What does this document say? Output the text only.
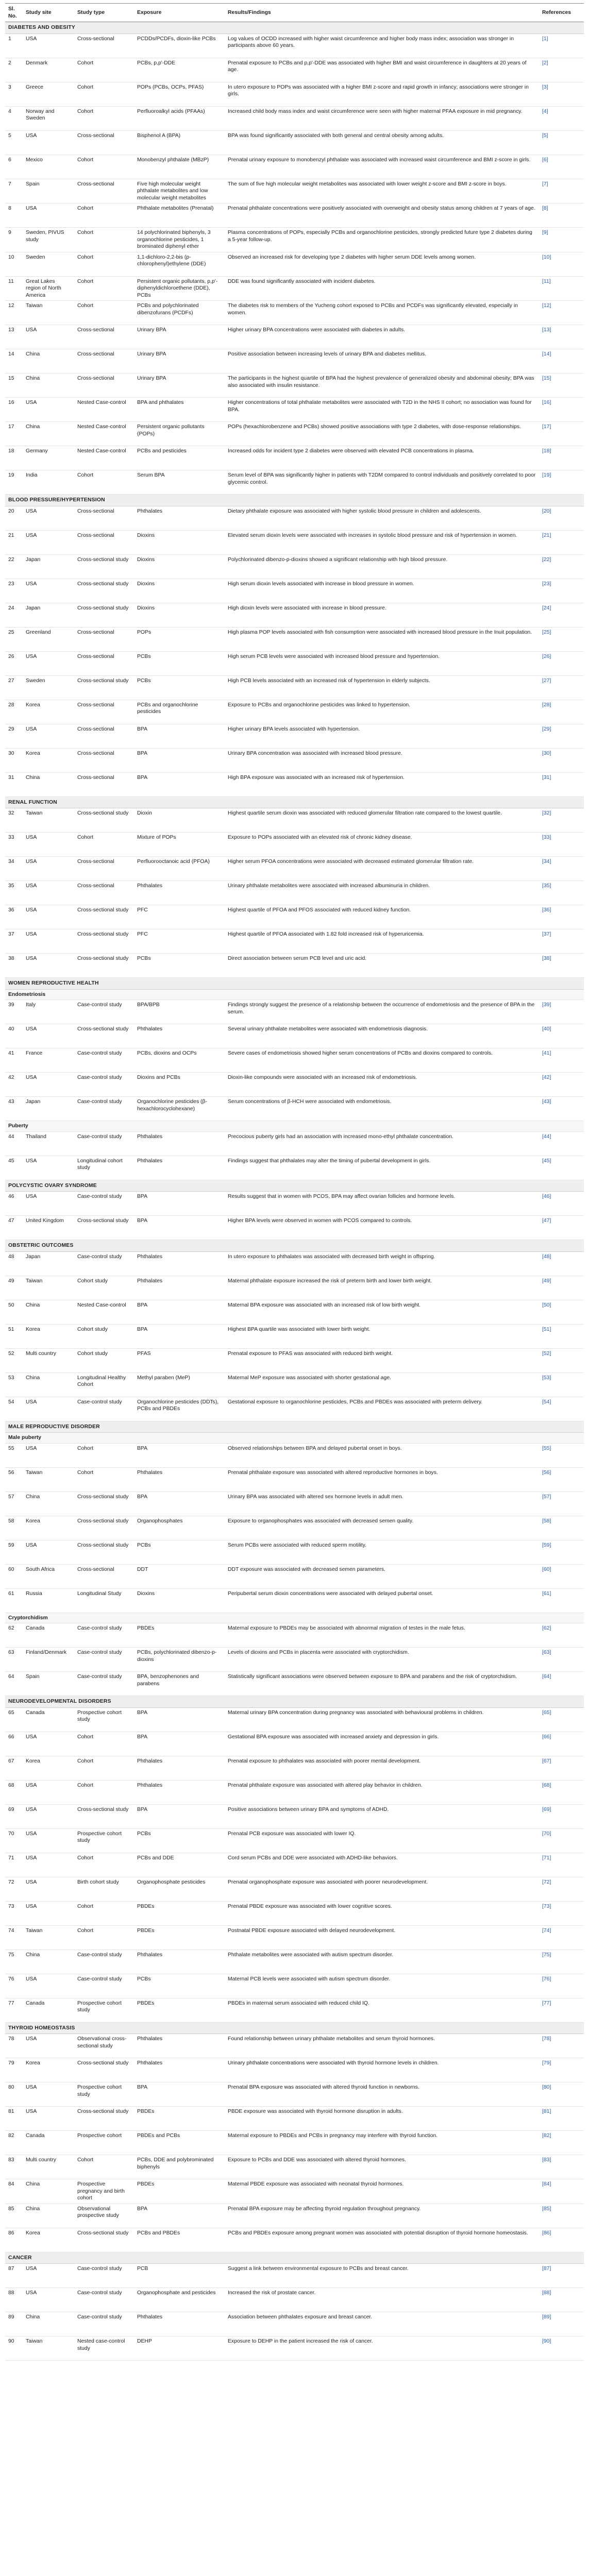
Sl. No.	Study site	Study type	Exposure	Results/Findings	References
DIABETES AND OBESITY					
1	USA	Cross-sectional	PCDDs/PCDFs, dioxin-like PCBs	Log values of OCDD increased with higher waist circumference and higher body mass index; association was stronger in participants above 60 years.	[1]
2	Denmark	Cohort	PCBs, p,p'-DDE	Prenatal exposure to PCBs and p,p'-DDE was associated with higher BMI and waist circumference in daughters at 20 years of age.	[2]
3	Greece	Cohort	POPs (PCBs, OCPs, PFAS)	In utero exposure to POPs was associated with a higher BMI z-score and rapid growth in infancy; associations were stronger in girls.	[3]
4	Norway and Sweden	Cohort	Perfluoroalkyl acids (PFAAs)	Increased child body mass index and waist circumference were seen with higher maternal PFAA exposure in mid pregnancy.	[4]
5	USA	Cross-sectional	Bisphenol A (BPA)	BPA was found significantly associated with both general and central obesity among adults.	[5]
6	Mexico	Cohort	Monobenzyl phthalate (MBzP)	Prenatal urinary exposure to monobenzyl phthalate was associated with increased waist circumference and BMI z-score in girls.	[6]
7	Spain	Cross-sectional	Five high molecular weight phthalate metabolites and low molecular weight metabolites	The sum of five high molecular weight metabolites was associated with lower weight z-score and BMI z-score in boys.	[7]
8	USA	Cohort	Phthalate metabolites (Prenatal)	Prenatal phthalate concentrations were positively associated with overweight and obesity status among children at 7 years of age.	[8]
9	Sweden, PIVUS study	Cohort	14 polychlorinated biphenyls, 3 organochlorine pesticides, 1 brominated diphenyl ether	Plasma concentrations of POPs, especially PCBs and organochlorine pesticides, strongly predicted future type 2 diabetes during a 5-year follow-up.	[9]
10	Sweden	Cohort	1,1-dichloro-2,2-bis (p-chlorophenyl)ethylene (DDE)	Observed an increased risk for developing type 2 diabetes with higher serum DDE levels among women.	[10]
11	Great Lakes region of North America	Cohort	Persistent organic pollutants, p,p'-diphenyldichloroethene (DDE), PCBs	DDE was found significantly associated with incident diabetes.	[11]
12	Taiwan	Cohort	PCBs and polychlorinated dibenzofurans (PCDFs)	The diabetes risk to members of the Yucheng cohort exposed to PCBs and PCDFs was significantly elevated, especially in women.	[12]
13	USA	Cross-sectional	Urinary BPA	Higher urinary BPA concentrations were associated with diabetes in adults.	[13]
14	China	Cross-sectional	Urinary BPA	Positive association between increasing levels of urinary BPA and diabetes mellitus.	[14]
15	China	Cross-sectional	Urinary BPA	The participants in the highest quartile of BPA had the highest prevalence of generalized obesity and abdominal obesity; BPA was also associated with insulin resistance.	[15]
16	USA	Nested Case-control	BPA and phthalates	Higher concentrations of total phthalate metabolites were associated with T2D in the NHS II cohort; no association was found for BPA.	[16]
17	China	Nested Case-control	Persistent organic pollutants (POPs)	POPs (hexachlorobenzene and PCBs) showed positive associations with type 2 diabetes, with dose-response relationships.	[17]
18	Germany	Nested Case-control	PCBs and pesticides	Increased odds for incident type 2 diabetes were observed with elevated PCB concentrations in plasma.	[18]
19	India	Cohort	Serum BPA	Serum level of BPA was significantly higher in patients with T2DM compared to control individuals and positively correlated to poor glycemic control.	[19]
BLOOD PRESSURE/HYPERTENSION					
20	USA	Cross-sectional	Phthalates	Dietary phthalate exposure was associated with higher systolic blood pressure in children and adolescents.	[20]
21	USA	Cross-sectional	Dioxins	Elevated serum dioxin levels were associated with increases in systolic blood pressure and risk of hypertension in women.	[21]
22	Japan	Cross-sectional study	Dioxins	Polychlorinated dibenzo-p-dioxins showed a significant relationship with high blood pressure.	[22]
23	USA	Cross-sectional study	Dioxins	High serum dioxin levels associated with increase in blood pressure in women.	[23]
24	Japan	Cross-sectional study	Dioxins	High dioxin levels were associated with increase in blood pressure.	[24]
25	Greenland	Cross-sectional	POPs	High plasma POP levels associated with fish consumption were associated with increased blood pressure in the Inuit population.	[25]
26	USA	Cross-sectional	PCBs	High serum PCB levels were associated with increased blood pressure and hypertension.	[26]
27	Sweden	Cross-sectional study	PCBs	High PCB levels associated with an increased risk of hypertension in elderly subjects.	[27]
28	Korea	Cross-sectional	PCBs and organochlorine pesticides	Exposure to PCBs and organochlorine pesticides was linked to hypertension.	[28]
29	USA	Cross-sectional	BPA	Higher urinary BPA levels associated with hypertension.	[29]
30	Korea	Cross-sectional	BPA	Urinary BPA concentration was associated with increased blood pressure.	[30]
31	China	Cross-sectional	BPA	High BPA exposure was associated with an increased risk of hypertension.	[31]
RENAL FUNCTION					
32	Taiwan	Cross-sectional study	Dioxin	Highest quartile serum dioxin was associated with reduced glomerular filtration rate compared to the lowest quartile.	[32]
33	USA	Cohort	Mixture of POPs	Exposure to POPs associated with an elevated risk of chronic kidney disease.	[33]
34	USA	Cross-sectional	Perfluorooctanoic acid (PFOA)	Higher serum PFOA concentrations were associated with decreased estimated glomerular filtration rate.	[34]
35	USA	Cross-sectional	Phthalates	Urinary phthalate metabolites were associated with increased albuminuria in children.	[35]
36	USA	Cross-sectional study	PFC	Highest quartile of PFOA and PFOS associated with reduced kidney function.	[36]
37	USA	Cross-sectional study	PFC	Highest quartile of PFOA associated with 1.82 fold increased risk of hyperuricemia.	[37]
38	USA	Cross-sectional study	PCBs	Direct association between serum PCB level and uric acid.	[38]
WOMEN REPRODUCTIVE HEALTH					
Endometriosis					
39	Italy	Case-control study	BPA/BPB	Findings strongly suggest the presence of a relationship between the occurrence of endometriosis and the presence of BPA in the serum.	[39]
40	USA	Cross-sectional study	Phthalates	Several urinary phthalate metabolites were associated with endometriosis diagnosis.	[40]
41	France	Case-control study	PCBs, dioxins and OCPs	Severe cases of endometriosis showed higher serum concentrations of PCBs and dioxins compared to controls.	[41]
42	USA	Case-control study	Dioxins and PCBs	Dioxin-like compounds were associated with an increased risk of endometriosis.	[42]
43	Japan	Case-control study	Organochlorine pesticides (β-hexachlorocyclohexane)	Serum concentrations of β-HCH were associated with endometriosis.	[43]
Puberty					
44	Thailand	Case-control study	Phthalates	Precocious puberty girls had an association with increased mono-ethyl phthalate concentration.	[44]
45	USA	Longitudinal cohort study	Phthalates	Findings suggest that phthalates may alter the timing of pubertal development in girls.	[45]
POLYCYSTIC OVARY SYNDROME					
46	USA	Case-control study	BPA	Results suggest that in women with PCOS, BPA may affect ovarian follicles and hormone levels.	[46]
47	United Kingdom	Cross-sectional study	BPA	Higher BPA levels were observed in women with PCOS compared to controls.	[47]
OBSTETRIC OUTCOMES					
48	Japan	Case-control study	Phthalates	In utero exposure to phthalates was associated with decreased birth weight in offspring.	[48]
49	Taiwan	Cohort study	Phthalates	Maternal phthalate exposure increased the risk of preterm birth and lower birth weight.	[49]
50	China	Nested Case-control	BPA	Maternal BPA exposure was associated with an increased risk of low birth weight.	[50]
51	Korea	Cohort study	BPA	Highest BPA quartile was associated with lower birth weight.	[51]
52	Multi country	Cohort study	PFAS	Prenatal exposure to PFAS was associated with reduced birth weight.	[52]
53	China	Longitudinal Healthy Cohort	Methyl paraben (MeP)	Maternal MeP exposure was associated with shorter gestational age.	[53]
54	USA	Case-control study	Organochlorine pesticides (DDTs), PCBs and PBDEs	Gestational exposure to organochlorine pesticides, PCBs and PBDEs was associated with preterm delivery.	[54]
MALE REPRODUCTIVE DISORDER					
Male puberty					
55	USA	Cohort	BPA	Observed relationships between BPA and delayed pubertal onset in boys.	[55]
56	Taiwan	Cohort	Phthalates	Prenatal phthalate exposure was associated with altered reproductive hormones in boys.	[56]
57	China	Cross-sectional study	BPA	Urinary BPA was associated with altered sex hormone levels in adult men.	[57]
58	Korea	Cross-sectional study	Organophosphates	Exposure to organophosphates was associated with decreased semen quality.	[58]
59	USA	Cross-sectional study	PCBs	Serum PCBs were associated with reduced sperm motility.	[59]
60	South Africa	Cross-sectional	DDT	DDT exposure was associated with decreased semen parameters.	[60]
61	Russia	Longitudinal Study	Dioxins	Peripubertal serum dioxin concentrations were associated with delayed pubertal onset.	[61]
Cryptorchidism					
62	Canada	Case-control study	PBDEs	Maternal exposure to PBDEs may be associated with abnormal migration of testes in the male fetus.	[62]
63	Finland/Denmark	Case-control study	PCBs, polychlorinated dibenzo-p-dioxins	Levels of dioxins and PCBs in placenta were associated with cryptorchidism.	[63]
64	Spain	Case-control study	BPA, benzophenones and parabens	Statistically significant associations were observed between exposure to BPA and parabens and the risk of cryptorchidism.	[64]
NEURODEVELOPMENTAL DISORDERS					
65	Canada	Prospective cohort study	BPA	Maternal urinary BPA concentration during pregnancy was associated with behavioural problems in children.	[65]
66	USA	Cohort	BPA	Gestational BPA exposure was associated with increased anxiety and depression in girls.	[66]
67	Korea	Cohort	Phthalates	Prenatal exposure to phthalates was associated with poorer mental development.	[67]
68	USA	Cohort	Phthalates	Prenatal phthalate exposure was associated with altered play behavior in children.	[68]
69	USA	Cross-sectional study	BPA	Positive associations between urinary BPA and symptoms of ADHD.	[69]
70	USA	Prospective cohort study	PCBs	Prenatal PCB exposure was associated with lower IQ.	[70]
71	USA	Cohort	PCBs and DDE	Cord serum PCBs and DDE were associated with ADHD-like behaviors.	[71]
72	USA	Birth cohort study	Organophosphate pesticides	Prenatal organophosphate exposure was associated with poorer neurodevelopment.	[72]
73	USA	Cohort	PBDEs	Prenatal PBDE exposure was associated with lower cognitive scores.	[73]
74	Taiwan	Cohort	PBDEs	Postnatal PBDE exposure associated with delayed neurodevelopment.	[74]
75	China	Case-control study	Phthalates	Phthalate metabolites were associated with autism spectrum disorder.	[75]
76	USA	Case-control study	PCBs	Maternal PCB levels were associated with autism spectrum disorder.	[76]
77	Canada	Prospective cohort study	PBDEs	PBDEs in maternal serum associated with reduced child IQ.	[77]
THYROID HOMEOSTASIS					
78	USA	Observational cross-sectional study	Phthalates	Found relationship between urinary phthalate metabolites and serum thyroid hormones.	[78]
79	Korea	Cross-sectional study	Phthalates	Urinary phthalate concentrations were associated with thyroid hormone levels in children.	[79]
80	USA	Prospective cohort study	BPA	Prenatal BPA exposure was associated with altered thyroid function in newborns.	[80]
81	USA	Cross-sectional study	PBDEs	PBDE exposure was associated with thyroid hormone disruption in adults.	[81]
82	Canada	Prospective cohort	PBDEs and PCBs	Maternal exposure to PBDEs and PCBs in pregnancy may interfere with thyroid function.	[82]
83	Multi country	Cohort	PCBs, DDE and polybrominated biphenyls	Exposure to PCBs and DDE was associated with altered thyroid hormones.	[83]
84	China	Prospective pregnancy and birth cohort	PBDEs	Maternal PBDE exposure was associated with neonatal thyroid hormones.	[84]
85	China	Observational prospective study	BPA	Prenatal BPA exposure may be affecting thyroid regulation throughout pregnancy.	[85]
86	Korea	Cross-sectional study	PCBs and PBDEs	PCBs and PBDEs exposure among pregnant women was associated with potential disruption of thyroid hormone homeostasis.	[86]
CANCER					
87	USA	Case-control study	PCB	Suggest a link between environmental exposure to PCBs and breast cancer.	[87]
88	USA	Case-control study	Organophosphate and pesticides	Increased the risk of prostate cancer.	[88]
89	China	Case-control study	Phthalates	Association between phthalates exposure and breast cancer.	[89]
90	Taiwan	Nested case-control study	DEHP	Exposure to DEHP in the patient increased the risk of cancer.	[90]
